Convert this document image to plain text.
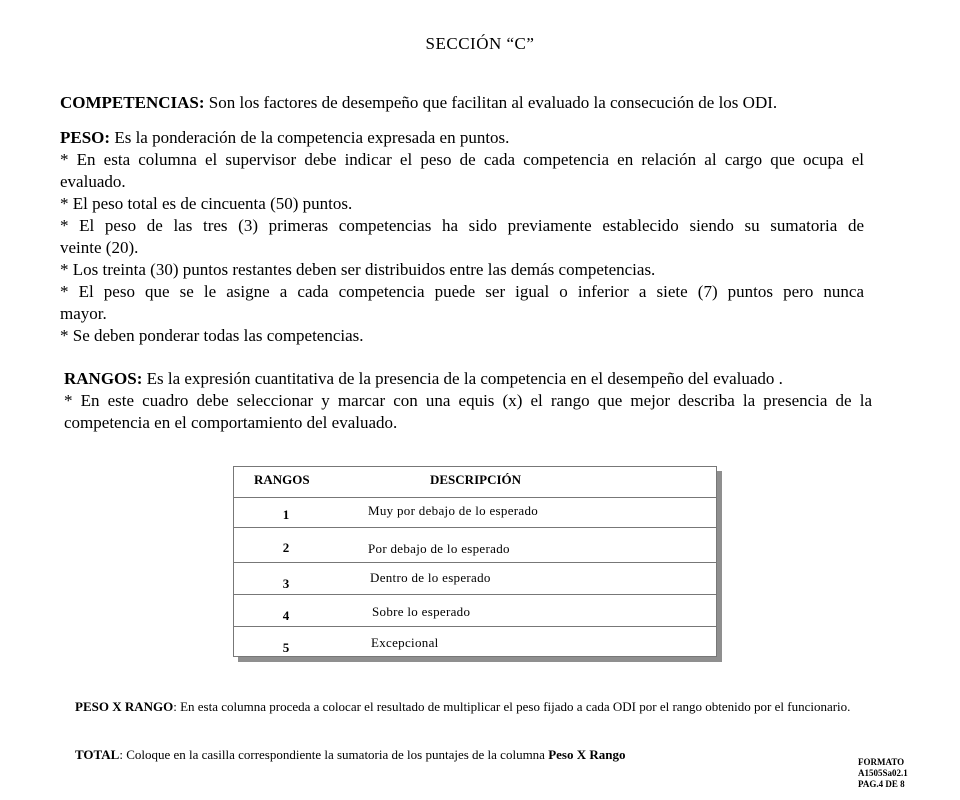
SECCIÓN “C”
COMPETENCIAS: Son los factores de desempeño que facilitan al evaluado la consecución de los ODI.
PESO: Es la ponderación de la competencia expresada en puntos.
* En esta columna el supervisor debe indicar el peso de cada competencia en relación al cargo que ocupa el
evaluado.
* El peso total es de cincuenta (50) puntos.
* El peso de las tres (3) primeras competencias ha sido previamente establecido siendo su sumatoria de
veinte (20).
* Los treinta (30) puntos restantes deben ser distribuidos entre las demás competencias.
* El peso que se le asigne a cada competencia puede ser igual o inferior a siete (7) puntos pero nunca
mayor.
* Se deben ponderar todas las competencias.
RANGOS: Es la expresión cuantitativa de la presencia de la competencia en el desempeño del evaluado .
* En este cuadro debe seleccionar y marcar con una equis (x) el rango que mejor describa la presencia de la
competencia en el comportamiento del evaluado.
RANGOS	DESCRIPCIÓN
1	Muy por debajo de lo esperado
2	Por debajo de lo esperado
3	Dentro de lo esperado
4	Sobre lo esperado
5	Excepcional
PESO X RANGO: En esta columna proceda a colocar el resultado de multiplicar el peso fijado a cada ODI por el rango obtenido por el funcionario.
TOTAL: Coloque en la casilla correspondiente la sumatoria de los puntajes de la columna Peso X Rango	FORMATO
A1505Sa02.1
PAG.4 DE 8
